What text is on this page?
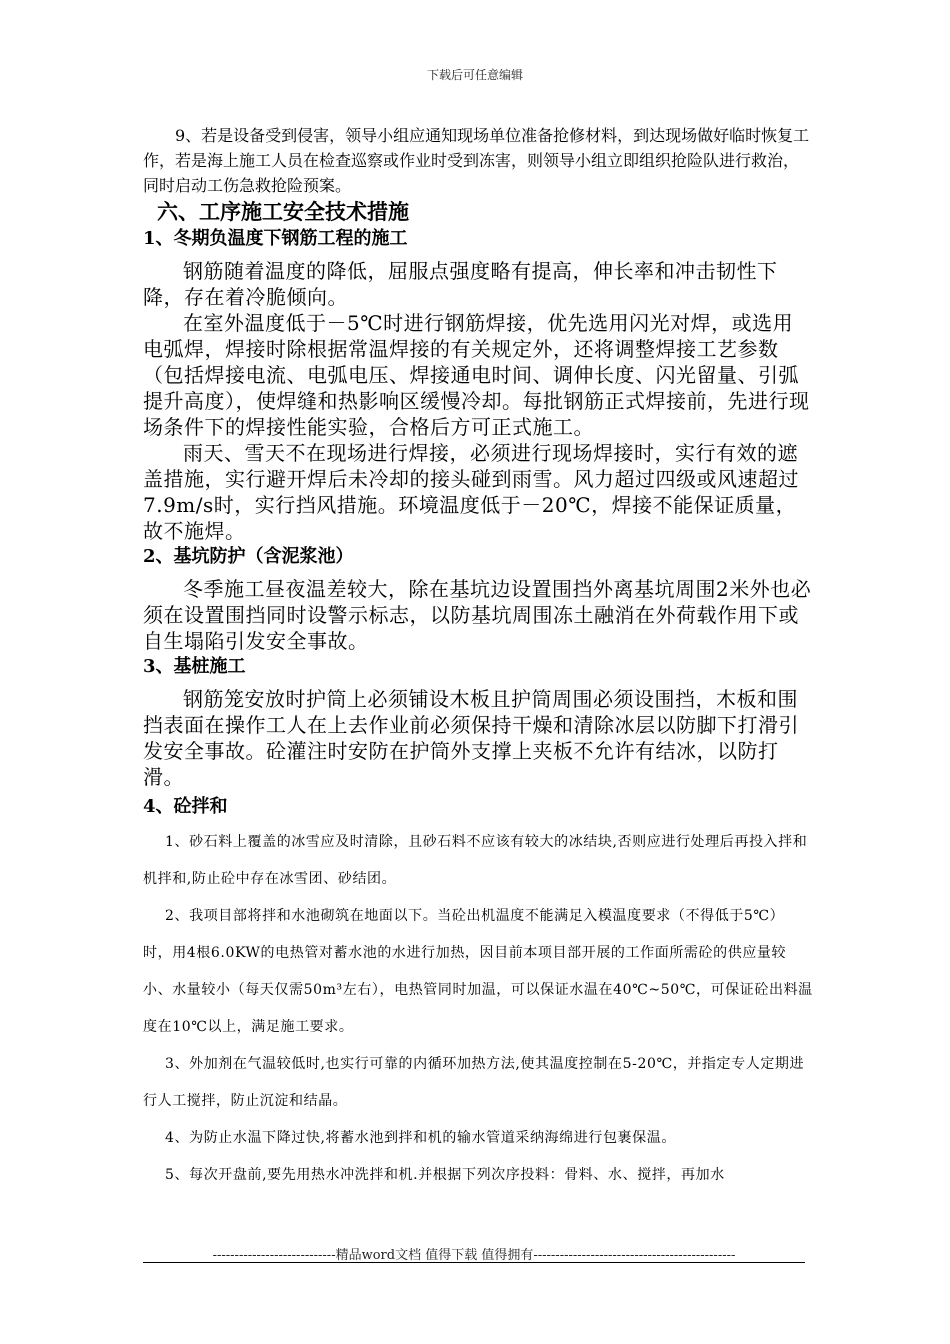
下载后可任意编辑

9、若是设备受到侵害，领导小组应通知现场单位准备抢修材料，到达现场做好临时恢复工作，若是海上施工人员在检查巡察或作业时受到冻害，则领导小组立即组织抢险队进行救治，同时启动工伤急救抢险预案。

六、工序施工安全技术措施
1、冬期负温度下钢筋工程的施工

钢筋随着温度的降低，屈服点强度略有提高，伸长率和冲击韧性下降，存在着冷脆倾向。

在室外温度低于－5℃时进行钢筋焊接，优先选用闪光对焊，或选用电弧焊，焊接时除根据常温焊接的有关规定外，还将调整焊接工艺参数（包括焊接电流、电弧电压、焊接通电时间、调伸长度、闪光留量、引弧提升高度），使焊缝和热影响区缓慢冷却。每批钢筋正式焊接前，先进行现场条件下的焊接性能实验，合格后方可正式施工。

雨天、雪天不在现场进行焊接，必须进行现场焊接时，实行有效的遮盖措施，实行避开焊后未冷却的接头碰到雨雪。风力超过四级或风速超过7.9m/s时，实行挡风措施。环境温度低于－20℃，焊接不能保证质量，故不施焊。

2、基坑防护（含泥浆池）

冬季施工昼夜温差较大，除在基坑边设置围挡外离基坑周围2米外也必须在设置围挡同时设警示标志，以防基坑周围冻土融消在外荷载作用下或自生塌陷引发安全事故。

3、基桩施工

钢筋笼安放时护筒上必须铺设木板且护筒周围必须设围挡，木板和围挡表面在操作工人在上去作业前必须保持干燥和清除冰层以防脚下打滑引发安全事故。砼灌注时安防在护筒外支撑上夹板不允许有结冰，以防打滑。

4、砼拌和

1、砂石料上覆盖的冰雪应及时清除，且砂石料不应该有较大的冰结块,否则应进行处理后再投入拌和机拌和,防止砼中存在冰雪团、砂结团。

2、我项目部将拌和水池砌筑在地面以下。当砼出机温度不能满足入模温度要求（不得低于5℃）时，用4根6.0KW的电热管对蓄水池的水进行加热，因目前本项目部开展的工作面所需砼的供应量较小、水量较小（每天仅需50m³左右），电热管同时加温，可以保证水温在40℃~50℃，可保证砼出料温度在10℃以上，满足施工要求。

3、外加剂在气温较低时,也实行可靠的内循环加热方法,使其温度控制在5-20℃，并指定专人定期进行人工搅拌，防止沉淀和结晶。

4、为防止水温下降过快,将蓄水池到拌和机的输水管道采纳海绵进行包裹保温。

5、每次开盘前,要先用热水冲洗拌和机.并根据下列次序投料：骨料、水、搅拌，再加水

----------------------------精品word文档 值得下载 值得拥有----------------------------------------------
